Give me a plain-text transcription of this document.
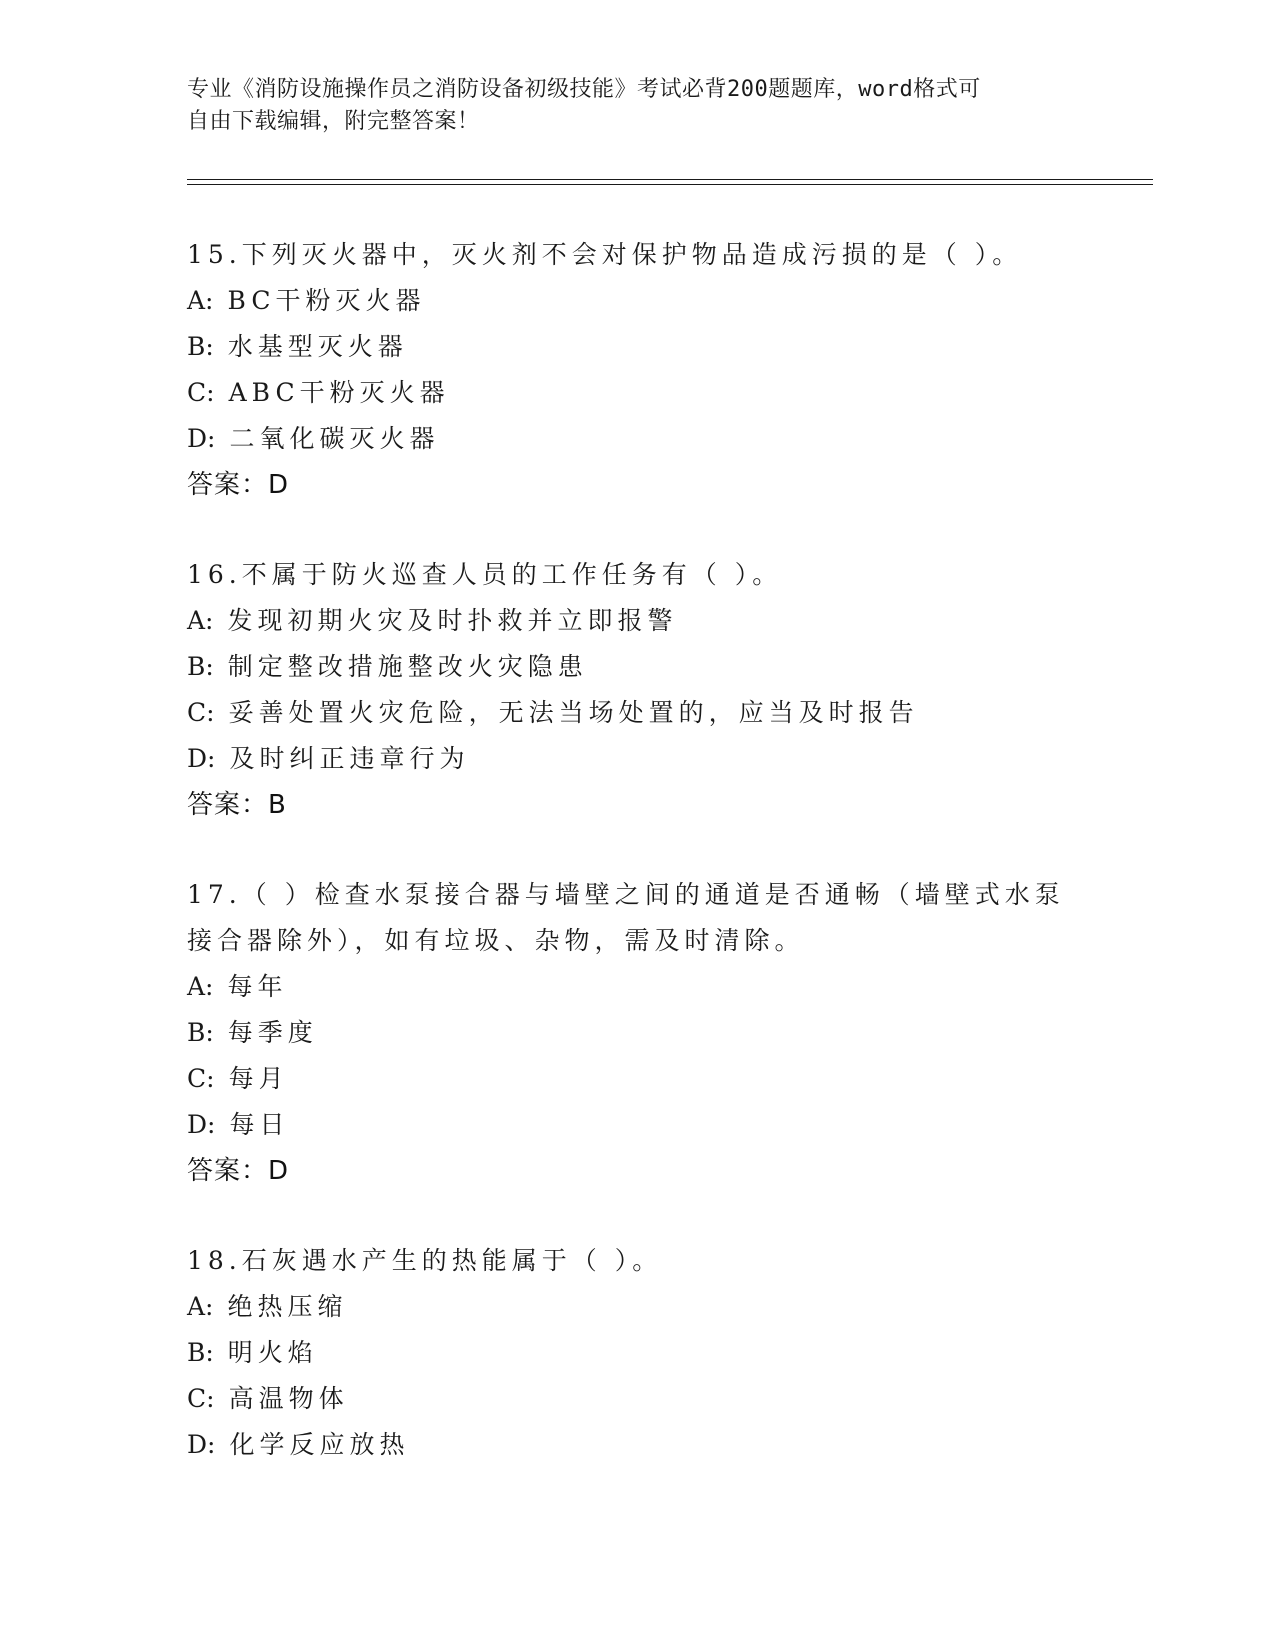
专业《消防设施操作员之消防设备初级技能》考试必背200题题库，word格式可
自由下载编辑，附完整答案！
15.下列灭火器中，灭火剂不会对保护物品造成污损的是（ ）。
A: BC干粉灭火器
B: 水基型灭火器
C: ABC干粉灭火器
D: 二氧化碳灭火器
答案：D
16.不属于防火巡查人员的工作任务有（ ）。
A: 发现初期火灾及时扑救并立即报警
B: 制定整改措施整改火灾隐患
C: 妥善处置火灾危险，无法当场处置的，应当及时报告
D: 及时纠正违章行为
答案：B
17.（ ）检查水泵接合器与墙壁之间的通道是否通畅（墙壁式水泵接合器除外），如有垃圾、杂物，需及时清除。
A: 每年
B: 每季度
C: 每月
D: 每日
答案：D
18.石灰遇水产生的热能属于（ ）。
A: 绝热压缩
B: 明火焰
C: 高温物体
D: 化学反应放热
